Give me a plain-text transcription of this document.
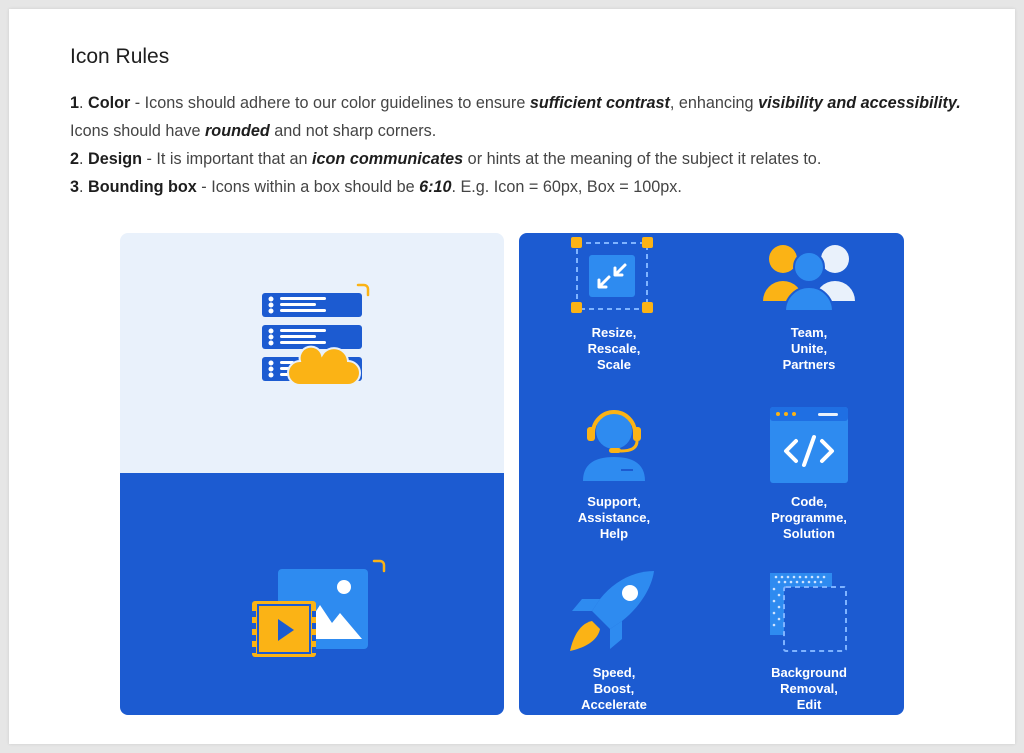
Icon Rules

1. Color - Icons should adhere to our color guidelines to ensure sufficient contrast, enhancing visibility and accessibility. Icons should have rounded and not sharp corners.

2. Design - It is important that an icon communicates or hints at the meaning of the subject it relates to.

3. Bounding box - Icons within a box should be 6:10. E.g. Icon = 60px, Box = 100px.

Resize,
Rescale,
Scale
Team,
Unite,
Partners
Support,
Assistance,
Help
Code,
Programme,
Solution
Speed,
Boost,
Accelerate
Background
Removal,
Edit
